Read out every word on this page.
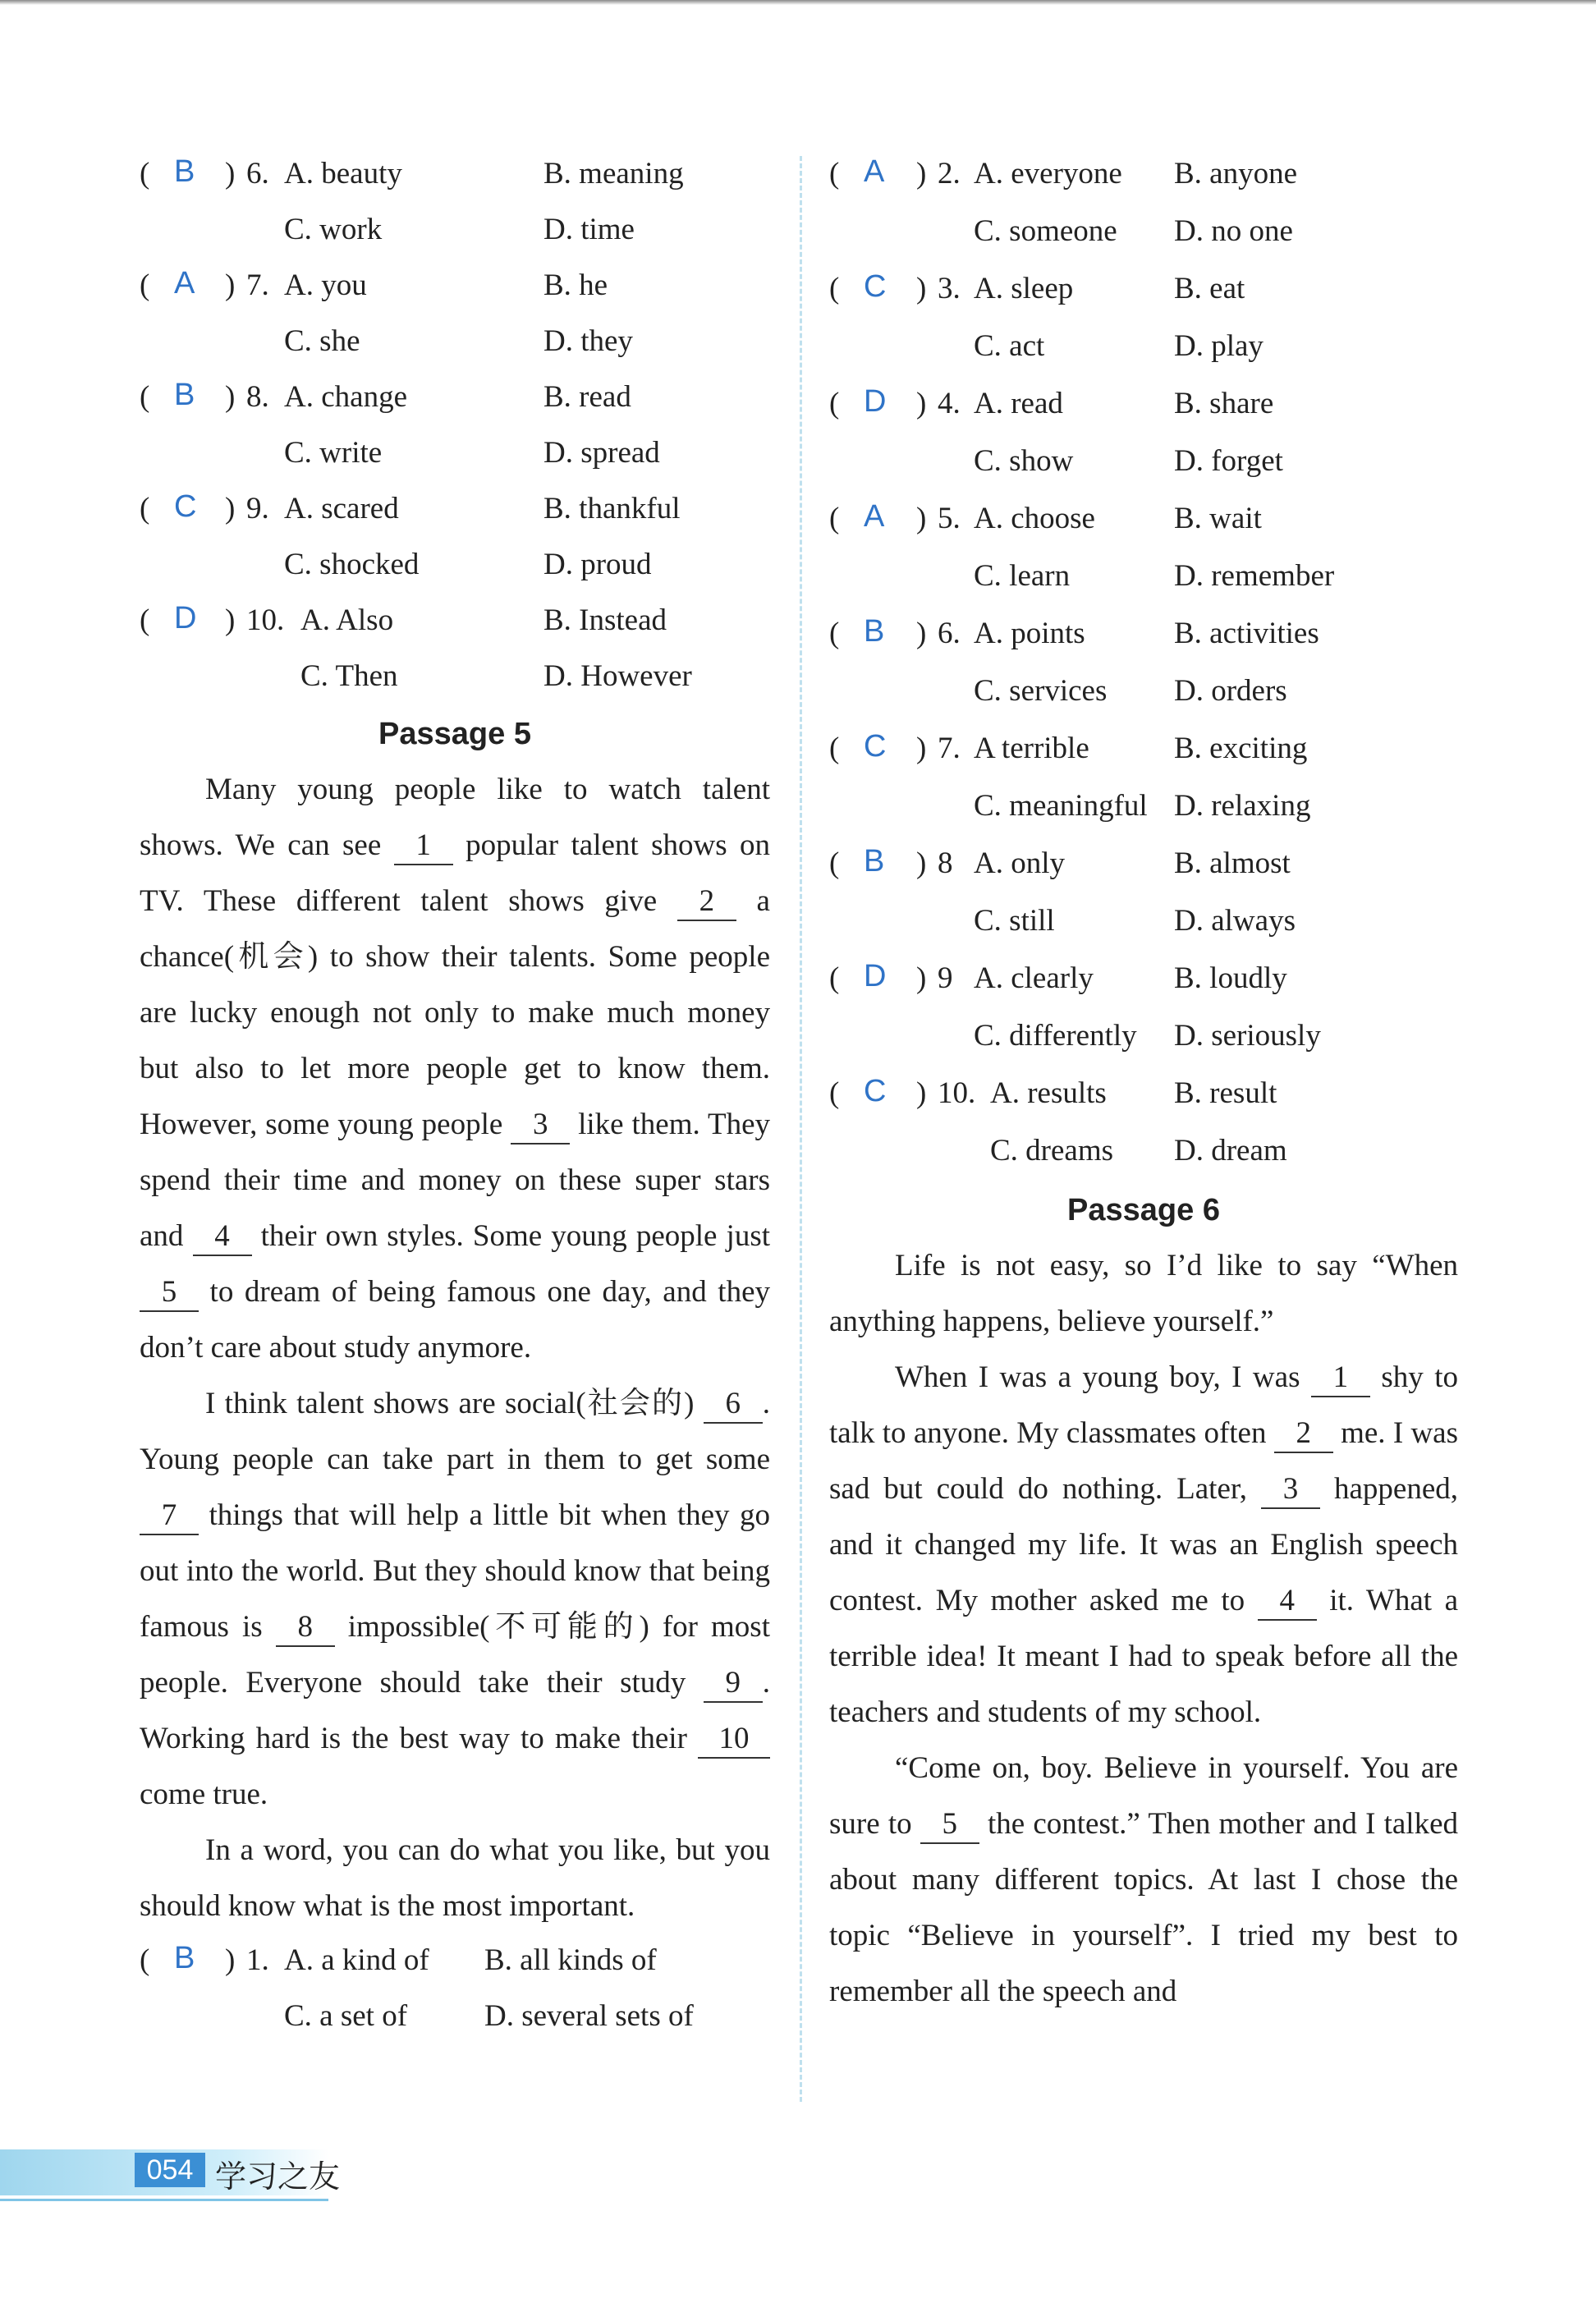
( B ) 6. A. beauty	B. meaning
C. work	D. time
( A ) 7. A. you	B. he
C. she	D. they
( B ) 8. A. change	B. read
C. write	D. spread
( C ) 9. A. scared	B. thankful
C. shocked	D. proud
( D ) 10. A. Also	B. Instead
C. Then	D. However
Passage 5

Many young people like to watch talent shows. We can see 1 popular talent shows on TV. These different talent shows give 2 a chance(机会) to show their talents. Some people are lucky enough not only to make much money but also to let more people get to know them. However, some young people 3 like them. They spend their time and money on these super stars and 4 their own styles. Some young people just 5 to dream of being famous one day, and they don’t care about study anymore.

I think talent shows are social(社会的) 6 . Young people can take part in them to get some 7 things that will help a little bit when they go out into the world. But they should know that being famous is 8 impossible(不可能的) for most people. Everyone should take their study 9 . Working hard is the best way to make their 10 come true.

In a word, you can do what you like, but you should know what is the most important.

( B ) 1. A. a kind of B. all kinds of
C. a set of	D. several sets of
( A ) 2. A. everyone B. anyone
C. someone D. no one
( C ) 3. A. sleep	B. eat
C. act	D. play
( D ) 4. A. read	B. share
C. show	D. forget
( A ) 5. A. choose	B. wait
C. learn	D. remember
( B ) 6. A. points	B. activities
C. services D. orders
( C ) 7. A terrible	B. exciting
C. meaningful D. relaxing
( B ) 8 A. only	B. almost
C. still	D. always
( D ) 9 A. clearly	B. loudly
C. differently D. seriously
( C ) 10. A. results B. result
C. dreams D. dream
Passage 6

Life is not easy, so I’d like to say “When anything happens, believe yourself.”

When I was a young boy, I was 1 shy to talk to anyone. My classmates often 2 me. I was sad but could do nothing. Later, 3 happened, and it changed my life. It was an English speech contest. My mother asked me to 4 it. What a terrible idea! It meant I had to speak before all the teachers and students of my school.

“Come on, boy. Believe in yourself. You are sure to 5 the contest.” Then mother and I talked about many different topics. At last I chose the topic “Believe in yourself”. I tried my best to remember all the speech and

054 学习之友
